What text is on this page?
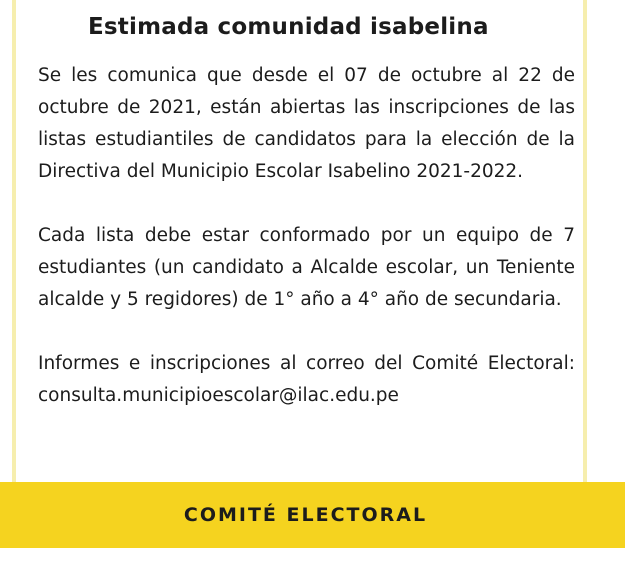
Estimada comunidad isabelina

Se les comunica que desde el 07 de octubre al 22 de octubre de 2021, están abiertas las inscripciones de las listas estudiantiles de candidatos para la elección de la Directiva del Municipio Escolar Isabelino 2021-2022.

Cada lista debe estar conformado por un equipo de 7 estudiantes (un candidato a Alcalde escolar, un Teniente alcalde y 5 regidores) de 1° año a 4° año de secundaria.

Informes e inscripciones al correo del Comité Electoral: consulta.municipioescolar@ilac.edu.pe

COMITÉ ELECTORAL
